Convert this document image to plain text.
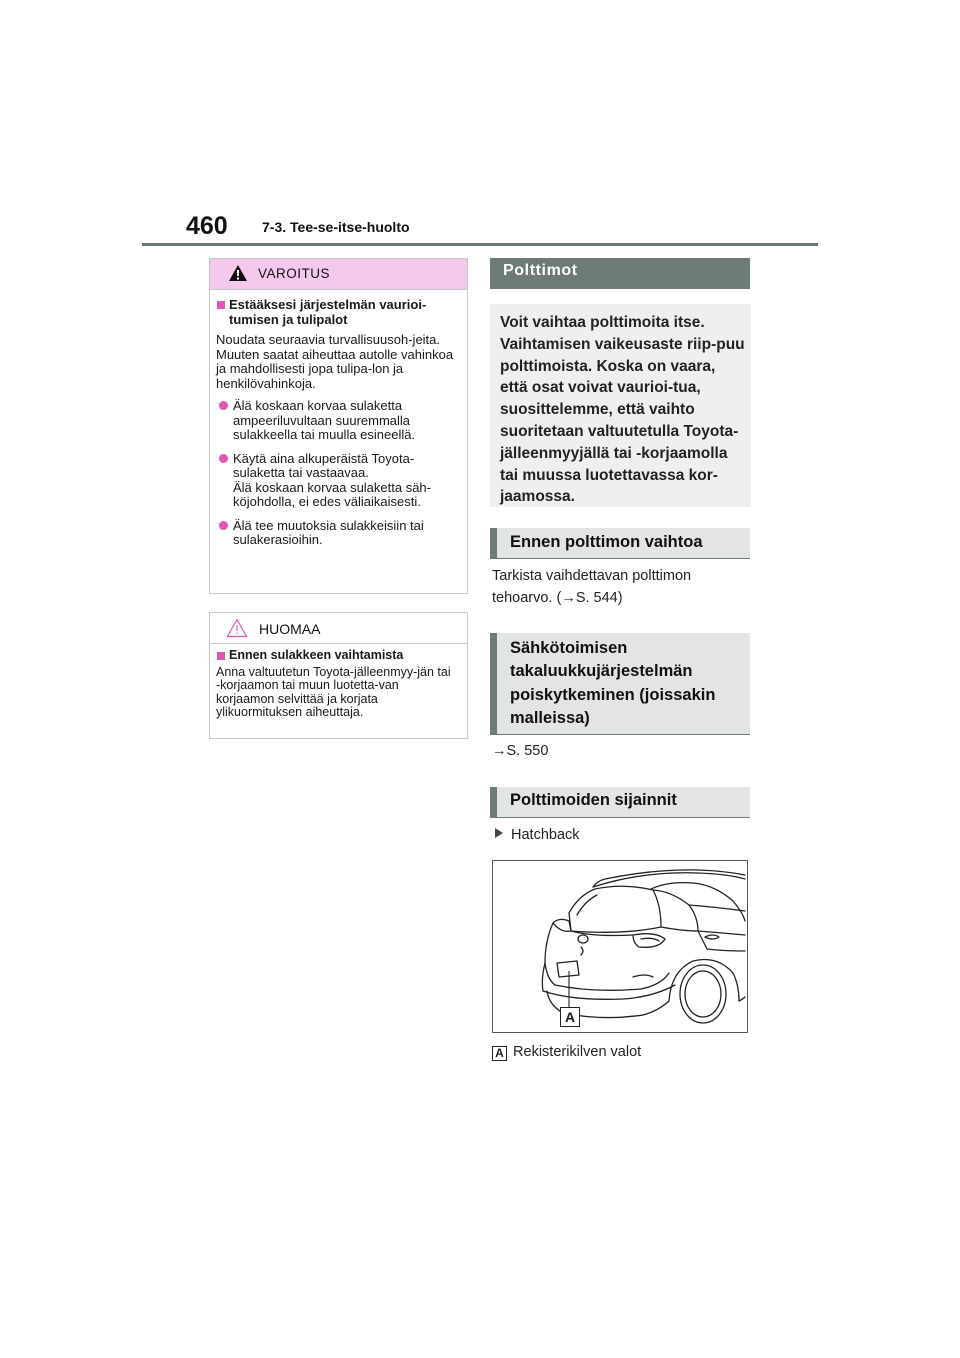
460 7-3. Tee-se-itse-huolto
VAROITUS
Estääksesi järjestelmän vaurioi-tumisen ja tulipalot
Noudata seuraavia turvallisuusoh-jeita.
Muuten saatat aiheuttaa autolle vahinkoa ja mahdollisesti jopa tulipa-lon ja henkilövahinkoja.
Älä koskaan korvaa sulaketta ampeeriluvultaan suuremmalla sulakkeella tai muulla esineellä.
Käytä aina alkuperäistä Toyota-sulaketta tai vastaavaa.
Älä koskaan korvaa sulaketta säh-köjohdolla, ei edes väliaikaisesti.
Älä tee muutoksia sulakkeisiin tai sulakerasioihin.
HUOMAA
Ennen sulakkeen vaihtamista
Anna valtuutetun Toyota-jälleenmyy-jän tai -korjaamon tai muun luotetta-van korjaamon selvittää ja korjata ylikuormituksen aiheuttaja.
Polttimot

Voit vaihtaa polttimoita itse. Vaihtamisen vaikeusaste riip-puu polttimoista. Koska on vaara, että osat voivat vaurioi-tua, suosittelemme, että vaihto suoritetaan valtuutetulla Toyota-jälleenmyyjällä tai -korjaamolla tai muussa luotettavassa kor-jaamossa.

Ennen polttimon vaihtoa
Tarkista vaihdettavan polttimon tehoarvo. (→S. 544)
Sähkötoimisen takaluukkujärjestelmän poiskytkeminen (joissakin malleissa)
→S. 550
Polttimoiden sijainnit
Hatchback
A
A Rekisterikilven valot
